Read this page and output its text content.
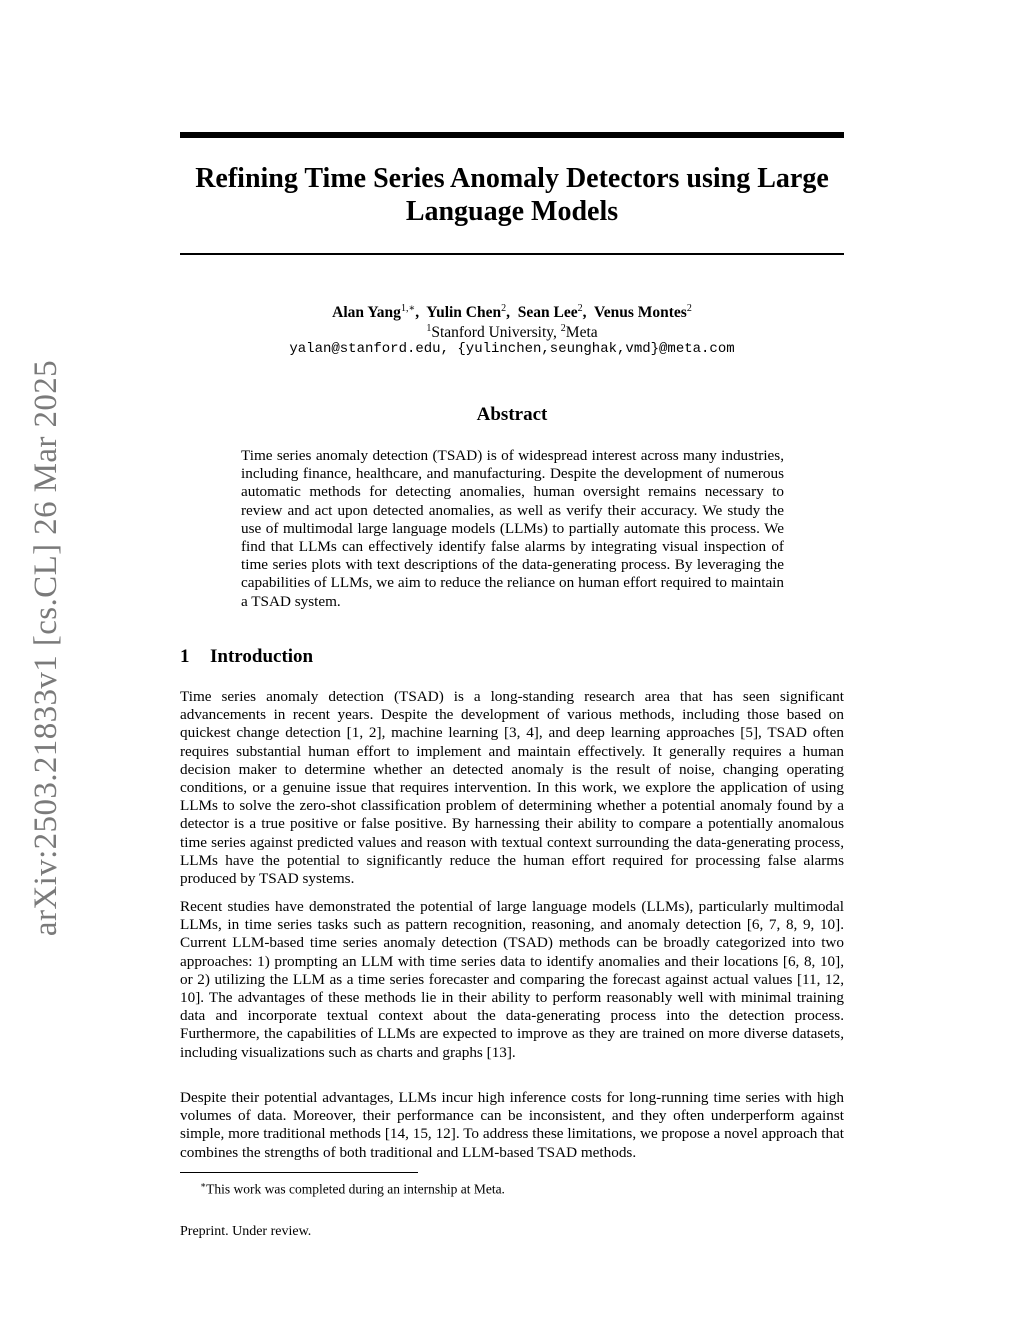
arXiv:2503.21833v1 [cs.CL] 26 Mar 2025
Refining Time Series Anomaly Detectors using Large
Language Models
Alan Yang$^{1,∗}$,  Yulin Chen$^2$,  Sean Lee$^2$,  Venus Montes$^2$
$^1$Stanford University, $^2$Meta
yalan@stanford.edu, {yulinchen,seunghak,vmd}@meta.com
Abstract

Time series anomaly detection (TSAD) is of widespread interest across many industries, including finance, healthcare, and manufacturing. Despite the development of numerous automatic methods for detecting anomalies, human oversight remains necessary to review and act upon detected anomalies, as well as verify their accuracy. We study the use of multimodal large language models (LLMs) to partially automate this process. We find that LLMs can effectively identify false alarms by integrating visual inspection of time series plots with text descriptions of the data-generating process. By leveraging the capabilities of LLMs, we aim to reduce the reliance on human effort required to maintain a TSAD system.

1 Introduction

Time series anomaly detection (TSAD) is a long-standing research area that has seen significant advancements in recent years. Despite the development of various methods, including those based on quickest change detection [1, 2], machine learning [3, 4], and deep learning approaches [5], TSAD often requires substantial human effort to implement and maintain effectively. It generally requires a human decision maker to determine whether an detected anomaly is the result of noise, changing operating conditions, or a genuine issue that requires intervention. In this work, we explore the application of using LLMs to solve the zero-shot classification problem of determining whether a potential anomaly found by a detector is a true positive or false positive. By harnessing their ability to compare a potentially anomalous time series against predicted values and reason with textual context surrounding the data-generating process, LLMs have the potential to significantly reduce the human effort required for processing false alarms produced by TSAD systems.

Recent studies have demonstrated the potential of large language models (LLMs), particularly multimodal LLMs, in time series tasks such as pattern recognition, reasoning, and anomaly detection [6, 7, 8, 9, 10]. Current LLM-based time series anomaly detection (TSAD) methods can be broadly categorized into two approaches: 1) prompting an LLM with time series data to identify anomalies and their locations [6, 8, 10], or 2) utilizing the LLM as a time series forecaster and comparing the forecast against actual values [11, 12, 10]. The advantages of these methods lie in their ability to perform reasonably well with minimal training data and incorporate textual context about the data-generating process into the detection process. Furthermore, the capabilities of LLMs are expected to improve as they are trained on more diverse datasets, including visualizations such as charts and graphs [13].

Despite their potential advantages, LLMs incur high inference costs for long-running time series with high volumes of data. Moreover, their performance can be inconsistent, and they often underperform against simple, more traditional methods [14, 15, 12]. To address these limitations, we propose a novel approach that combines the strengths of both traditional and LLM-based TSAD methods.

∗This work was completed during an internship at Meta.
Preprint. Under review.
